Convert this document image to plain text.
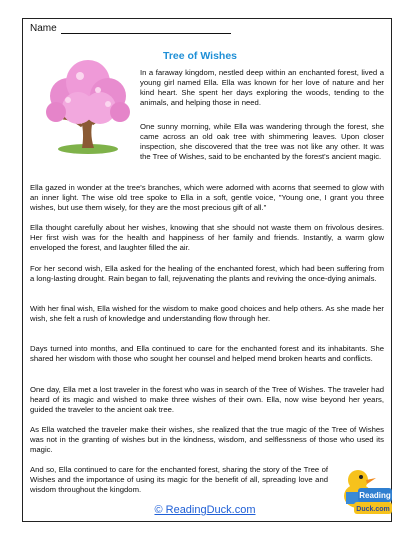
Name
Tree of Wishes

In a faraway kingdom, nestled deep within an enchanted forest, lived a young girl named Ella. Ella was known for her love of nature and her kind heart. She spent her days exploring the woods, tending to the animals, and helping those in need.

One sunny morning, while Ella was wandering through the forest, she came across an old oak tree with shimmering leaves. Upon closer inspection, she discovered that the tree was not like any other. It was the Tree of Wishes, said to be enchanted by the forest's ancient magic.

Ella gazed in wonder at the tree's branches, which were adorned with acorns that seemed to glow with an inner light. The wise old tree spoke to Ella in a soft, gentle voice, "Young one, I grant you three wishes, but use them wisely, for they are the most precious gift of all."

Ella thought carefully about her wishes, knowing that she should not waste them on frivolous desires. Her first wish was for the health and happiness of her family and friends. Instantly, a warm glow enveloped the forest, and laughter filled the air.

For her second wish, Ella asked for the healing of the enchanted forest, which had been suffering from a long-lasting drought. Rain began to fall, rejuvenating the plants and reviving the once-dying animals.

With her final wish, Ella wished for the wisdom to make good choices and help others. As she made her wish, she felt a rush of knowledge and understanding flow through her.

Days turned into months, and Ella continued to care for the enchanted forest and its inhabitants. She shared her wisdom with those who sought her counsel and helped mend broken hearts and conflicts.

One day, Ella met a lost traveler in the forest who was in search of the Tree of Wishes. The traveler had heard of its magic and wished to make three wishes of their own. Ella, now wise beyond her years, guided the traveler to the ancient oak tree.

As Ella watched the traveler make their wishes, she realized that the true magic of the Tree of Wishes was not in the granting of wishes but in the kindness, wisdom, and selflessness of those who used its magic.

And so, Ella continued to care for the enchanted forest, sharing the story of the Tree of Wishes and the importance of using its magic for the benefit of all, spreading love and wisdom throughout the kingdom.

© ReadingDuck.com
Reading
Duck.com
